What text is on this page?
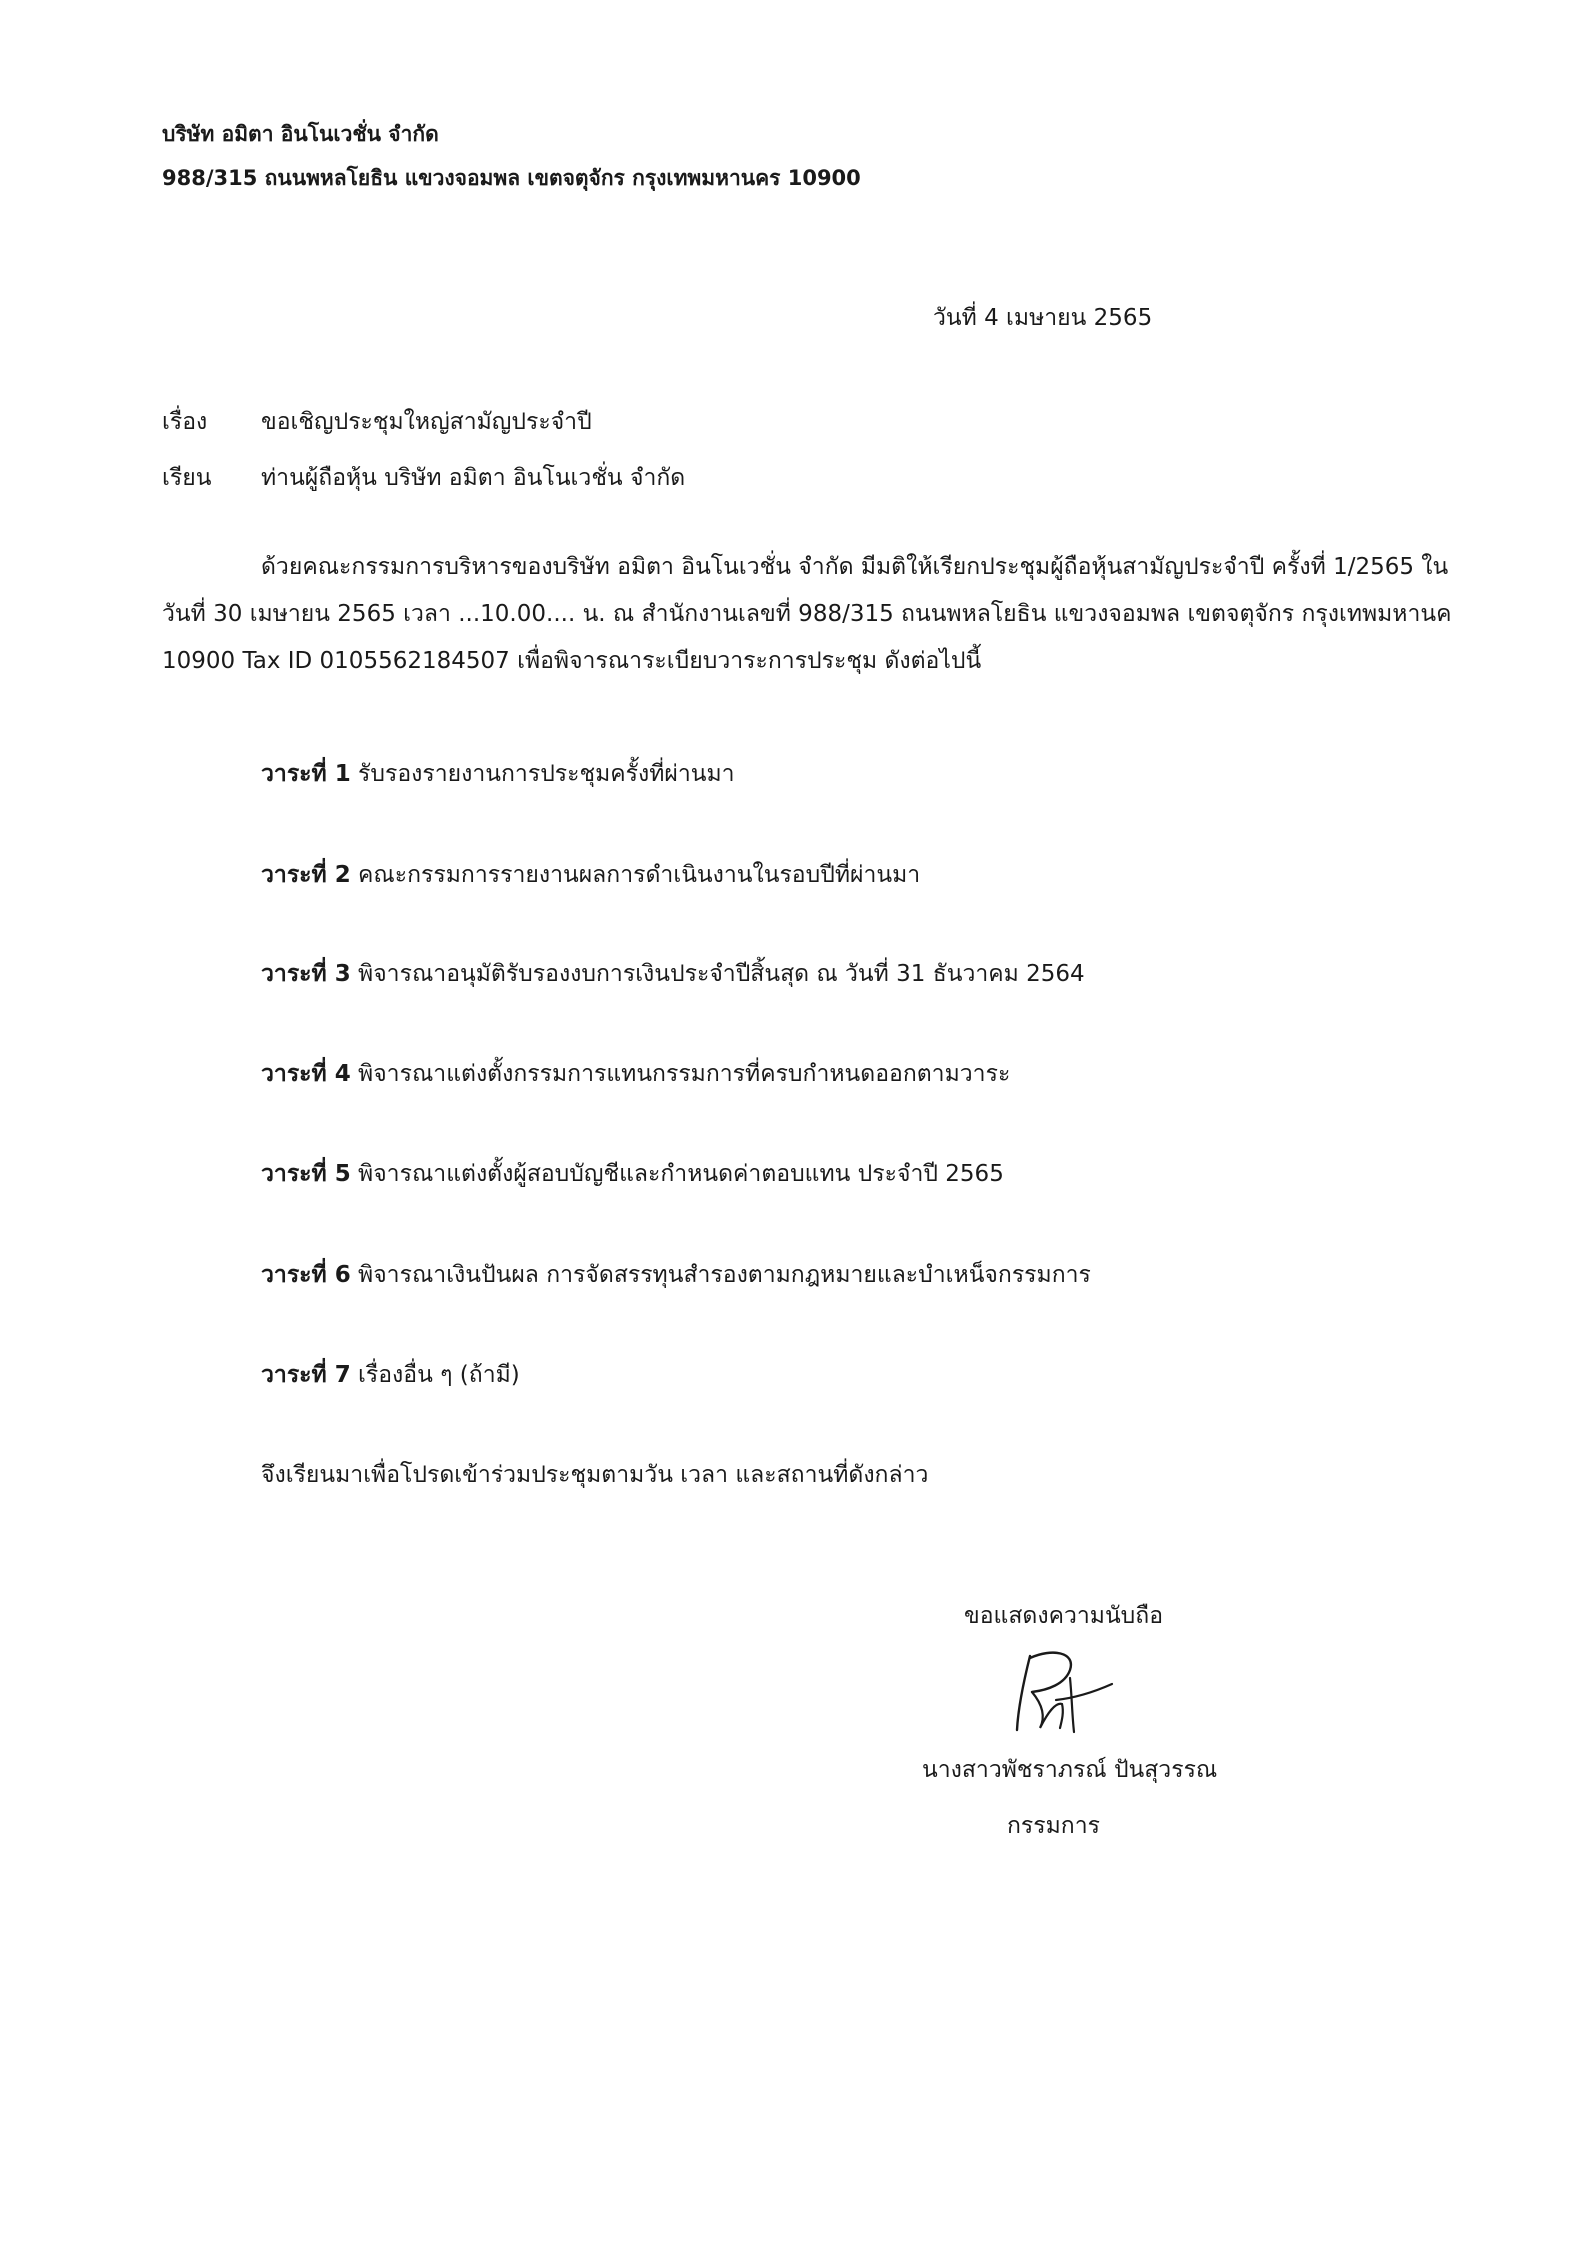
บริษัท อมิตา อินโนเวชั่น จำกัด
988/315 ถนนพหลโยธิน แขวงจอมพล เขตจตุจักร กรุงเทพมหานคร 10900
วันที่ 4 เมษายน 2565
เรื่อง ขอเชิญประชุมใหญ่สามัญประจำปี
เรียน ท่านผู้ถือหุ้น บริษัท อมิตา อินโนเวชั่น จำกัด
ด้วยคณะกรรมการบริหารของบริษัท อมิตา อินโนเวชั่น จำกัด มีมติให้เรียกประชุมผู้ถือหุ้นสามัญประจำปี ครั้งที่ 1/2565 ใน
วันที่ 30 เมษายน 2565 เวลา ...10.00.... น. ณ สำนักงานเลขที่ 988/315 ถนนพหลโยธิน แขวงจอมพล เขตจตุจักร กรุงเทพมหานค
10900 Tax ID 0105562184507 เพื่อพิจารณาระเบียบวาระการประชุม ดังต่อไปนี้
วาระที่ 1 รับรองรายงานการประชุมครั้งที่ผ่านมา
วาระที่ 2 คณะกรรมการรายงานผลการดำเนินงานในรอบปีที่ผ่านมา
วาระที่ 3 พิจารณาอนุมัติรับรองงบการเงินประจำปีสิ้นสุด ณ วันที่ 31 ธันวาคม 2564
วาระที่ 4 พิจารณาแต่งตั้งกรรมการแทนกรรมการที่ครบกำหนดออกตามวาระ
วาระที่ 5 พิจารณาแต่งตั้งผู้สอบบัญชีและกำหนดค่าตอบแทน ประจำปี 2565
วาระที่ 6 พิจารณาเงินปันผล การจัดสรรทุนสำรองตามกฎหมายและบำเหน็จกรรมการ
วาระที่ 7 เรื่องอื่น ๆ (ถ้ามี)
จึงเรียนมาเพื่อโปรดเข้าร่วมประชุมตามวัน เวลา และสถานที่ดังกล่าว
ขอแสดงความนับถือ
นางสาวพัชราภรณ์ ปันสุวรรณ
กรรมการ
